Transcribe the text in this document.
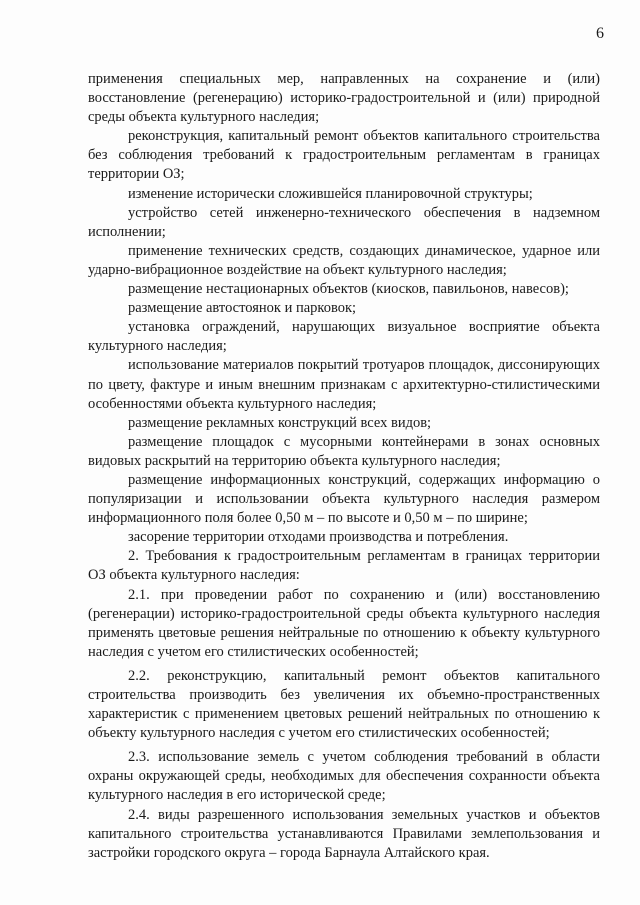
6

применения специальных мер, направленных на сохранение и (или) восстановление (регенерацию) историко-градостроительной и (или) природной среды объекта культурного наследия;

реконструкция, капитальный ремонт объектов капитального строительства без соблюдения требований к градостроительным регламентам в границах территории ОЗ;

изменение исторически сложившейся планировочной структуры;

устройство сетей инженерно-технического обеспечения в надземном исполнении;

применение технических средств, создающих динамическое, ударное или ударно-вибрационное воздействие на объект культурного наследия;

размещение нестационарных объектов (киосков, павильонов, навесов);

размещение автостоянок и парковок;

установка ограждений, нарушающих визуальное восприятие объекта культурного наследия;

использование материалов покрытий тротуаров площадок, диссонирующих по цвету, фактуре и иным внешним признакам с архитектурно-стилистическими особенностями объекта культурного наследия;

размещение рекламных конструкций всех видов;

размещение площадок с мусорными контейнерами в зонах основных видовых раскрытий на территорию объекта культурного наследия;

размещение информационных конструкций, содержащих информацию о популяризации и использовании объекта культурного наследия размером информационного поля более 0,50 м – по высоте и 0,50 м – по ширине;

засорение территории отходами производства и потребления.

2. Требования к градостроительным регламентам в границах территории ОЗ объекта культурного наследия:

2.1. при проведении работ по сохранению и (или) восстановлению (регенерации) историко-градостроительной среды объекта культурного наследия применять цветовые решения нейтральные по отношению к объекту культурного наследия с учетом его стилистических особенностей;

2.2. реконструкцию, капитальный ремонт объектов капитального строительства производить без увеличения их объемно-пространственных характеристик с применением цветовых решений нейтральных по отношению к объекту культурного наследия с учетом его стилистических особенностей;

2.3. использование земель с учетом соблюдения требований в области охраны окружающей среды, необходимых для обеспечения сохранности объекта культурного наследия в его исторической среде;

2.4. виды разрешенного использования земельных участков и объектов капитального строительства устанавливаются Правилами землепользования и застройки городского округа – города Барнаула Алтайского края.
